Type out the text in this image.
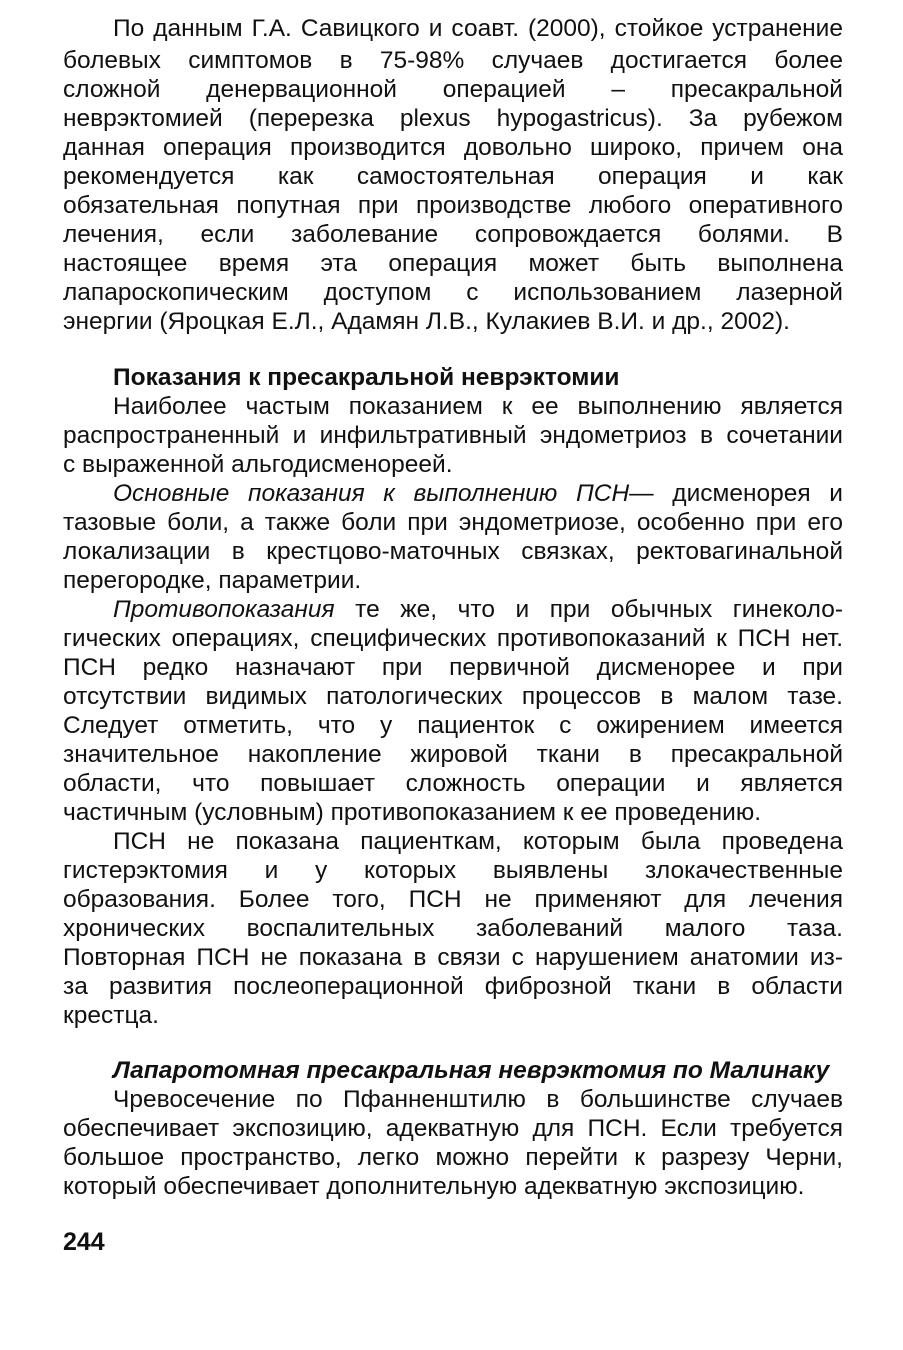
По данным Г.А. Савицкого и соавт. (2000), стойкое устранение
болевых симптомов в 75-98% случаев достигается более
сложной денервационной операцией – пресакральной
неврэктомией (перерезка plexus hypogastricus). За рубежом
данная операция производится довольно широко, причем она
рекомендуется как самостоятельная операция и как
обязательная попутная при производстве любого оперативного
лечения, если заболевание сопровождается болями. В
настоящее время эта операция может быть выполнена
лапароскопическим доступом с использованием лазерной
энергии (Яроцкая Е.Л., Адамян Л.В., Кулакиев В.И. и др., 2002).
Показания к пресакральной неврэктомии
Наиболее частым показанием к ее выполнению является
распространенный и инфильтративный эндометриоз в сочетании
с выраженной альгодисменореей.
Основные показания к выполнению ПСН— дисменорея и
тазовые боли, а также боли при эндометриозе, особенно при его
локализации в крестцово-маточных связках, ректовагинальной
перегородке, параметрии.
Противопоказания те же, что и при обычных гинеколо-
гических операциях, специфических противопоказаний к ПСН нет.
ПСН редко назначают при первичной дисменорее и при
отсутствии видимых патологических процессов в малом тазе.
Следует отметить, что у пациенток с ожирением имеется
значительное накопление жировой ткани в пресакральной
области, что повышает сложность операции и является
частичным (условным) противопоказанием к ее проведению.
ПСН не показана пациенткам, которым была проведена
гистерэктомия и у которых выявлены злокачественные
образования. Более того, ПСН не применяют для лечения
хронических воспалительных заболеваний малого таза.
Повторная ПСН не показана в связи с нарушением анатомии из-
за развития послеоперационной фиброзной ткани в области
крестца.
Лапаротомная пресакральная неврэктомия по Малинаку
Чревосечение по Пфанненштилю в большинстве случаев
обеспечивает экспозицию, адекватную для ПСН. Если требуется
большое пространство, легко можно перейти к разрезу Черни,
который обеспечивает дополнительную адекватную экспозицию.
244
